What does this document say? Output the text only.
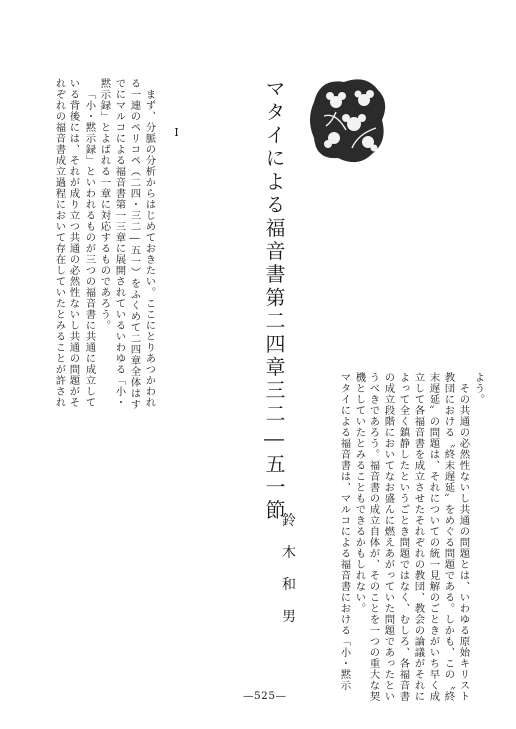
マタイによる福音書第二四章三二―五一節
鈴
木
和
男
I
れぞれの福音書成立過程において存在していたとみることが許され いる背後には、それが成り立つ共通の必然性ないし共通の問題がそ 「小・黙示録」といわれるものが三つの福音書に共通に成立して 黙示録」とよばれる一章に対応するものであろう。 でにマルコによる福音書第一三章に展開されているいわゆる「小・ る一連のペリコペ（二四・三二―五一）をふくめて二四章全体はす まず、分脈の分析からはじめておきたい。ここにとりあつかわれ
マタイによる福音書は、マルコによる福音書における「小・黙示 機としていたとみることもできるかもしれない。 うべきであろう。福音書の成立自体が、そのことを一つの重大な契 の成立段階においてなお盛んに燃えあがっていた問題であったとい よって全く鎮静したというごとき問題ではなく、むしろ、各福音書 立して各福音書を成立させたそれぞれの教団、教会の論議がそれに 末遅延〟の問題は、それについての統一見解のごときがいち早く成 教団における〝終末遅延〟をめぐる問題である。しかも、この〝終 その共通の必然性ないし共通の問題とは、いわゆる原始キリスト よう。
—525—
